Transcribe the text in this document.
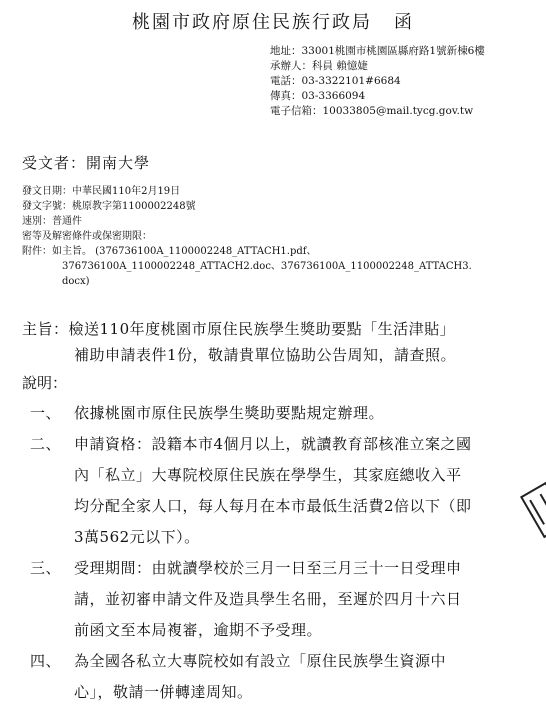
桃園市政府原住民族行政局 函
地址：33001桃園市桃園區縣府路1號新棟6樓
承辦人：科員 賴憶婕
電話：03-3322101#6684
傳真：03-3366094
電子信箱：10033805@mail.tycg.gov.tw
受文者：開南大學
發文日期：中華民國110年2月19日
發文字號：桃原教字第1100002248號
速別：普通件
密等及解密條件或保密期限：
附件：如主旨。 (376736100A_1100002248_ATTACH1.pdf、
376736100A_1100002248_ATTACH2.doc、376736100A_1100002248_ATTACH3.
docx)
主旨：檢送110年度桃園市原住民族學生獎助要點「生活津貼」
補助申請表件1份，敬請貴單位協助公告周知，請查照。
說明：
一、 依據桃園市原住民族學生獎助要點規定辦理。
二、 申請資格：設籍本市4個月以上，就讀教育部核准立案之國
內「私立」大專院校原住民族在學學生，其家庭總收入平
均分配全家人口，每人每月在本市最低生活費2倍以下（即
3萬562元以下）。
三、 受理期間：由就讀學校於三月一日至三月三十一日受理申
請，並初審申請文件及造具學生名冊，至遲於四月十六日
前函文至本局複審，逾期不予受理。
四、 為全國各私立大專院校如有設立「原住民族學生資源中
心」，敬請一併轉達周知。
